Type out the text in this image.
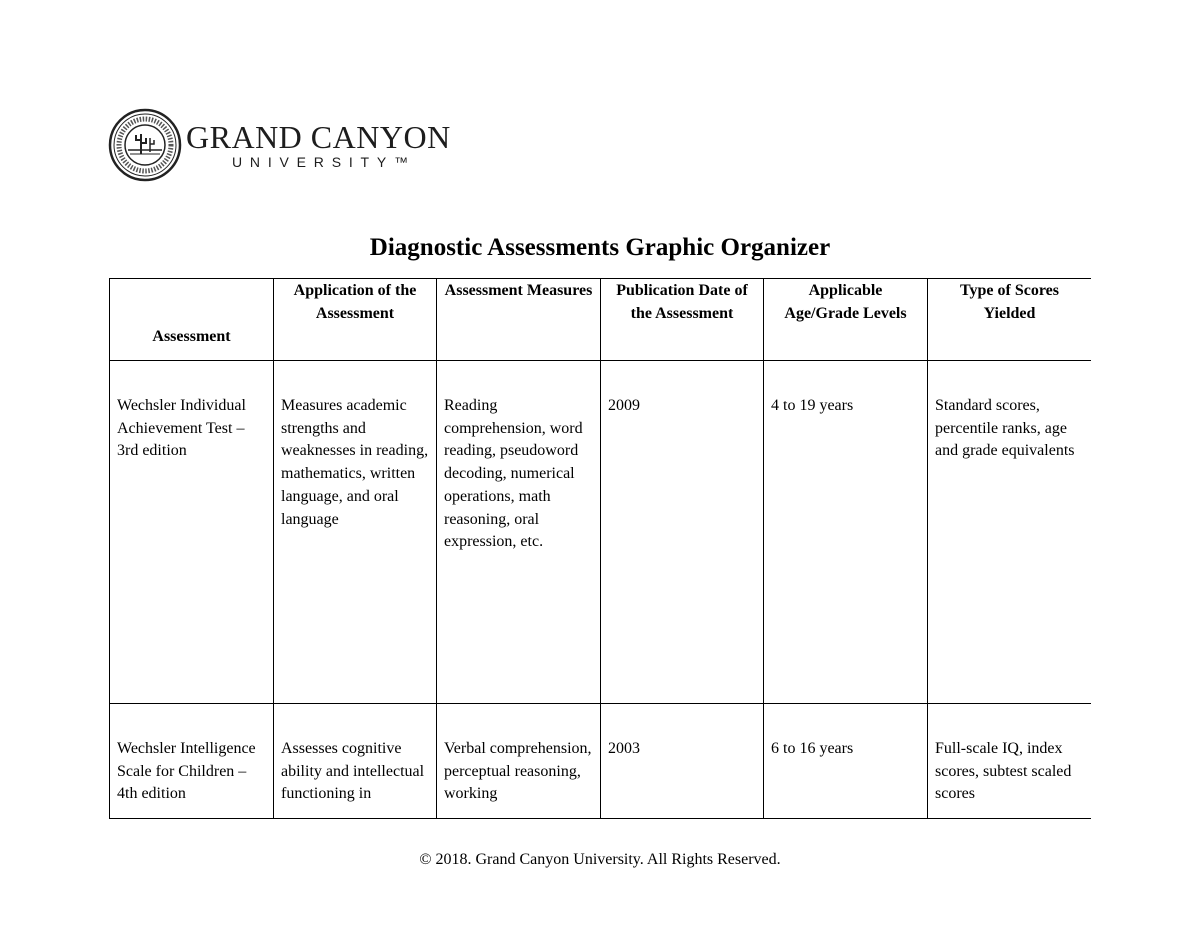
GRAND CANYON
UNIVERSITY™
Diagnostic Assessments Graphic Organizer
Assessment	Application of the Assessment	Assessment Measures	Publication Date of the Assessment	Applicable Age/Grade Levels	Type of Scores Yielded
Wechsler Individual Achievement Test – 3rd edition	Measures academic strengths and weaknesses in reading, mathematics, written language, and oral language	Reading comprehension, word reading, pseudoword decoding, numerical operations, math reasoning, oral expression, etc.	2009	4 to 19 years	Standard scores, percentile ranks, age and grade equivalents
Wechsler Intelligence Scale for Children – 4th edition	Assesses cognitive ability and intellectual functioning in	Verbal comprehension, perceptual reasoning, working	2003	6 to 16 years	Full-scale IQ, index scores, subtest scaled scores
© 2018. Grand Canyon University. All Rights Reserved.
